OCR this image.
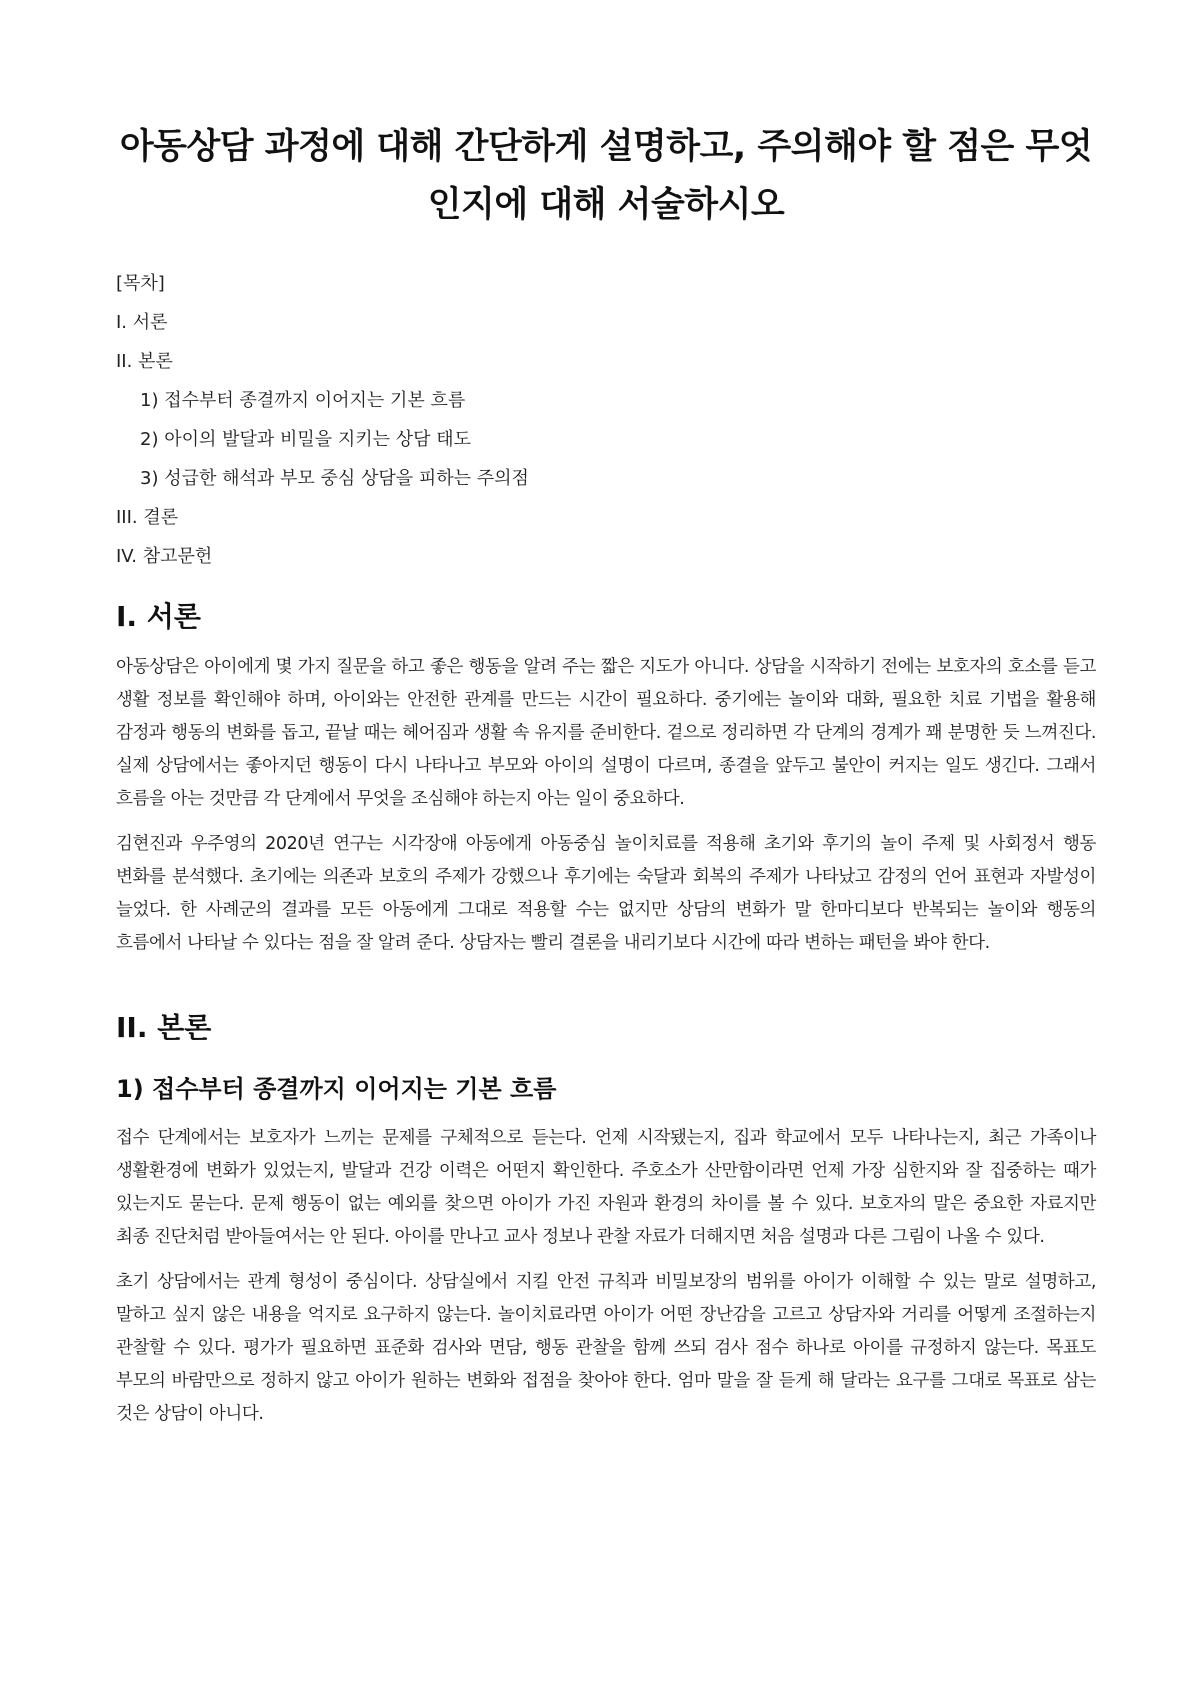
아동상담 과정에 대해 간단하게 설명하고, 주의해야 할 점은 무엇인지에 대해 서술하시오
[목차]
I. 서론
II. 본론
1) 접수부터 종결까지 이어지는 기본 흐름
2) 아이의 발달과 비밀을 지키는 상담 태도
3) 성급한 해석과 부모 중심 상담을 피하는 주의점
III. 결론
IV. 참고문헌
I. 서론

아동상담은 아이에게 몇 가지 질문을 하고 좋은 행동을 알려 주는 짧은 지도가 아니다. 상담을 시작하기 전에는 보호자의 호소를 듣고 생활 정보를 확인해야 하며, 아이와는 안전한 관계를 만드는 시간이 필요하다. 중기에는 놀이와 대화, 필요한 치료 기법을 활용해 감정과 행동의 변화를 돕고, 끝날 때는 헤어짐과 생활 속 유지를 준비한다. 겉으로 정리하면 각 단계의 경계가 꽤 분명한 듯 느껴진다. 실제 상담에서는 좋아지던 행동이 다시 나타나고 부모와 아이의 설명이 다르며, 종결을 앞두고 불안이 커지는 일도 생긴다. 그래서 흐름을 아는 것만큼 각 단계에서 무엇을 조심해야 하는지 아는 일이 중요하다.

김현진과 우주영의 2020년 연구는 시각장애 아동에게 아동중심 놀이치료를 적용해 초기와 후기의 놀이 주제 및 사회정서 행동 변화를 분석했다. 초기에는 의존과 보호의 주제가 강했으나 후기에는 숙달과 회복의 주제가 나타났고 감정의 언어 표현과 자발성이 늘었다. 한 사례군의 결과를 모든 아동에게 그대로 적용할 수는 없지만 상담의 변화가 말 한마디보다 반복되는 놀이와 행동의 흐름에서 나타날 수 있다는 점을 잘 알려 준다. 상담자는 빨리 결론을 내리기보다 시간에 따라 변하는 패턴을 봐야 한다.

II. 본론
1) 접수부터 종결까지 이어지는 기본 흐름

접수 단계에서는 보호자가 느끼는 문제를 구체적으로 듣는다. 언제 시작됐는지, 집과 학교에서 모두 나타나는지, 최근 가족이나 생활환경에 변화가 있었는지, 발달과 건강 이력은 어떤지 확인한다. 주호소가 산만함이라면 언제 가장 심한지와 잘 집중하는 때가 있는지도 묻는다. 문제 행동이 없는 예외를 찾으면 아이가 가진 자원과 환경의 차이를 볼 수 있다. 보호자의 말은 중요한 자료지만 최종 진단처럼 받아들여서는 안 된다. 아이를 만나고 교사 정보나 관찰 자료가 더해지면 처음 설명과 다른 그림이 나올 수 있다.

초기 상담에서는 관계 형성이 중심이다. 상담실에서 지킬 안전 규칙과 비밀보장의 범위를 아이가 이해할 수 있는 말로 설명하고, 말하고 싶지 않은 내용을 억지로 요구하지 않는다. 놀이치료라면 아이가 어떤 장난감을 고르고 상담자와 거리를 어떻게 조절하는지 관찰할 수 있다. 평가가 필요하면 표준화 검사와 면담, 행동 관찰을 함께 쓰되 검사 점수 하나로 아이를 규정하지 않는다. 목표도 부모의 바람만으로 정하지 않고 아이가 원하는 변화와 접점을 찾아야 한다. 엄마 말을 잘 듣게 해 달라는 요구를 그대로 목표로 삼는 것은 상담이 아니다.
